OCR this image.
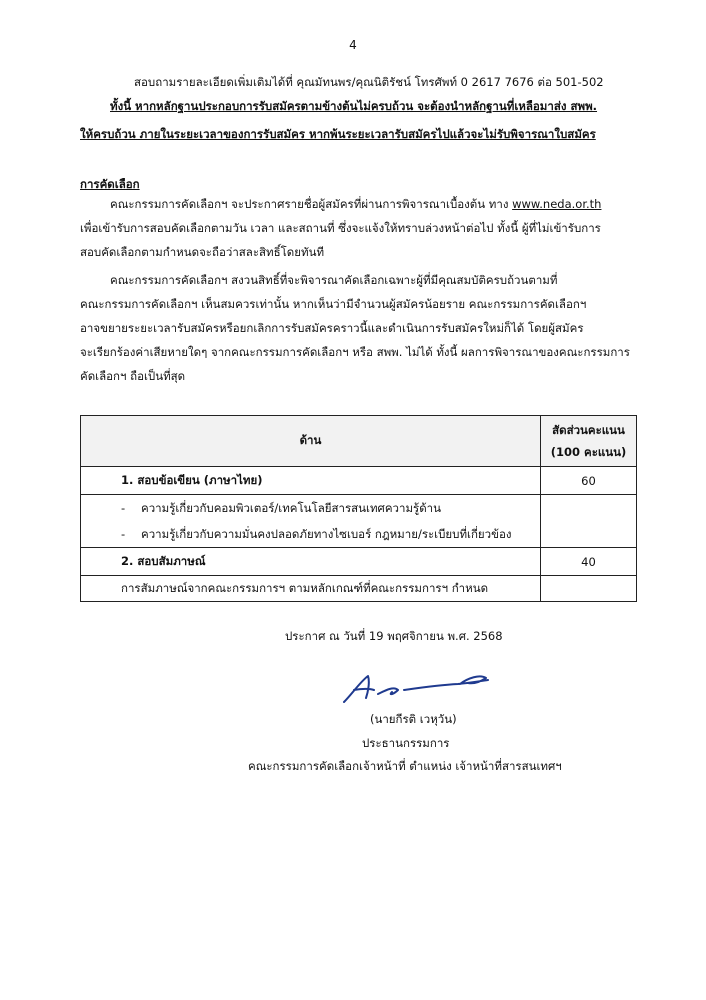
4
สอบถามรายละเอียดเพิ่มเติมได้ที่ คุณมัทนพร/คุณนิติรัชน์ โทรศัพท์ 0 2617 7676 ต่อ 501-502
ทั้งนี้ หากหลักฐานประกอบการรับสมัครตามข้างต้นไม่ครบถ้วน จะต้องนำหลักฐานที่เหลือมาส่ง สพพ.
ให้ครบถ้วน ภายในระยะเวลาของการรับสมัคร หากพ้นระยะเวลารับสมัครไปแล้วจะไม่รับพิจารณาใบสมัคร
การคัดเลือก
คณะกรรมการคัดเลือกฯ จะประกาศรายชื่อผู้สมัครที่ผ่านการพิจารณาเบื้องต้น ทาง www.neda.or.th
เพื่อเข้ารับการสอบคัดเลือกตามวัน เวลา และสถานที่ ซึ่งจะแจ้งให้ทราบล่วงหน้าต่อไป ทั้งนี้ ผู้ที่ไม่เข้ารับการ
สอบคัดเลือกตามกำหนดจะถือว่าสละสิทธิ์โดยทันที
คณะกรรมการคัดเลือกฯ สงวนสิทธิ์ที่จะพิจารณาคัดเลือกเฉพาะผู้ที่มีคุณสมบัติครบถ้วนตามที่
คณะกรรมการคัดเลือกฯ เห็นสมควรเท่านั้น หากเห็นว่ามีจำนวนผู้สมัครน้อยราย คณะกรรมการคัดเลือกฯ
อาจขยายระยะเวลารับสมัครหรือยกเลิกการรับสมัครคราวนี้และดำเนินการรับสมัครใหม่ก็ได้ โดยผู้สมัคร
จะเรียกร้องค่าเสียหายใดๆ จากคณะกรรมการคัดเลือกฯ หรือ สพพ. ไม่ได้ ทั้งนี้ ผลการพิจารณาของคณะกรรมการ
คัดเลือกฯ ถือเป็นที่สุด
ด้าน	สัดส่วนคะแนน
(100 คะแนน)

1. สอบข้อเขียน (ภาษาไทย)	60

- ความรู้เกี่ยวกับคอมพิวเตอร์/เทคโนโลยีสารสนเทศความรู้ด้าน
- ความรู้เกี่ยวกับความมั่นคงปลอดภัยทางไซเบอร์ กฎหมาย/ระเบียบที่เกี่ยวข้อง	

2. สอบสัมภาษณ์	40
การสัมภาษณ์จากคณะกรรมการฯ ตามหลักเกณฑ์ที่คณะกรรมการฯ กำหนด	
ประกาศ ณ วันที่ 19 พฤศจิกายน พ.ศ. 2568
(นายกีรติ เวหุวัน)
ประธานกรรมการ
คณะกรรมการคัดเลือกเจ้าหน้าที่ ตำแหน่ง เจ้าหน้าที่สารสนเทศฯ
